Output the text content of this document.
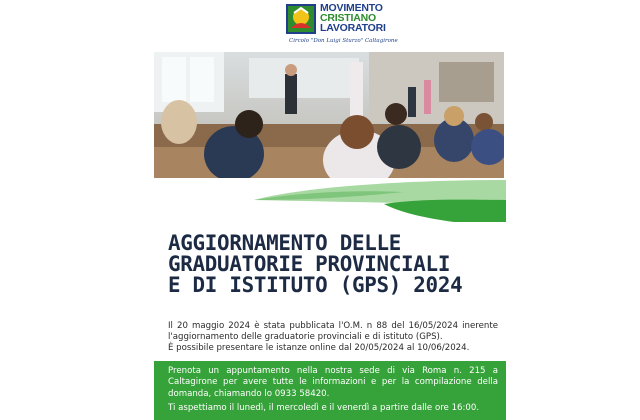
MOVIMENTO
CRISTIANO
LAVORATORI
Circolo "Don Luigi Sturzo" Caltagirone
AGGIORNAMENTO DELLE
GRADUATORIE PROVINCIALI
E DI ISTITUTO (GPS) 2024

Il 20 maggio 2024 è stata pubblicata l'O.M. n 88 del 16/05/2024 inerente l'aggiornamento delle graduatorie provinciali e di istituto (GPS).

È possibile presentare le istanze online dal 20/05/2024 al 10/06/2024.

Prenota un appuntamento nella nostra sede di via Roma n. 215 a Caltagirone per avere tutte le informazioni e per la compilazione della domanda, chiamando lo 0933 58420.

Ti aspettiamo il lunedì, il mercoledì e il venerdì a partire dalle ore 16:00.
